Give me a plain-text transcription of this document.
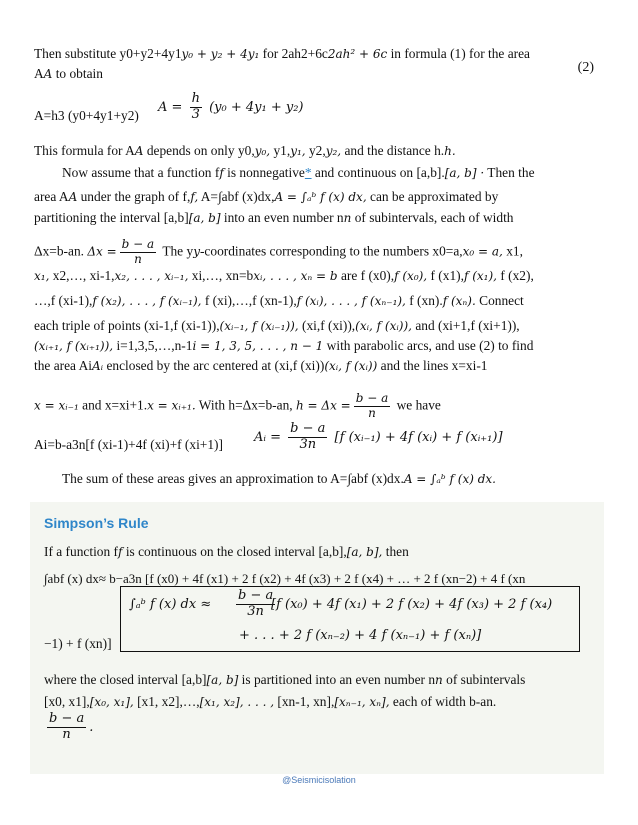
Then substitute y0+y2+4y1y₀ + y₂ + 4y₁ for 2ah2+6c2ah² + 6c in formula (1) for the area
(2)
AA to obtain
A=h3 (y0+4y1+y2)
$A = \frac{h}{3} (y_0 + 4y_1 + y_2)$
This formula for AA depends on only y0,y₀, y1,y₁, y2,y₂, and the distance h.h.
Now assume that a function ff is nonnegative* and continuous on [a,b].[a, b] · Then the
area AA under the graph of f,f, A=∫abf (x)dx,A = ∫ₐᵇ f (x) dx, can be approximated by
partitioning the interval [a,b][a, b] into an even number nn of subintervals, each of width
Δx=b-an. $\Delta x = \frac{b - a}{n}$ The yy-coordinates corresponding to the numbers x0=a,x₀ = a, x1,
x₁, x2,…, xi-1,x₂, . . . , xᵢ₋₁, xi,…, xn=bxᵢ, . . . , xₙ = b are f (x0),f (x₀), f (x1),f (x₁), f (x2),
…,f (xi-1),f (x₂), . . . , f (xᵢ₋₁), f (xi),…,f (xn-1),f (xᵢ), . . . , f (xₙ₋₁), f (xn).f (xₙ). Connect
each triple of points (xi-1,f (xi-1)),(xᵢ₋₁, f (xᵢ₋₁)), (xi,f (xi)),(xᵢ, f (xᵢ)), and (xi+1,f (xi+1)),
(xᵢ₊₁, f (xᵢ₊₁)), i=1,3,5,…,n-1i = 1, 3, 5, . . . , n − 1 with parabolic arcs, and use (2) to find
the area AiAᵢ enclosed by the arc centered at (xi,f (xi))(xᵢ, f (xᵢ)) and the lines x=xi-1
x = xᵢ₋₁ and x=xi+1.x = xᵢ₊₁. With h=Δx=b-an, $h = \Delta x = \frac{b - a}{n}$ we have
Ai=b-a3n[f (xi-1)+4f (xi)+f (xi+1)] Aᵢ = $\frac{b - a}{3n} [f$ (xᵢ₋₁) + 4f (xᵢ) + f (xᵢ₊₁)]
The sum of these areas gives an approximation to A=∫abf (x)dx.A = ∫ₐᵇ f (x) dx.
Simpson’s Rule
If a function ff is continuous on the closed interval [a,b],[a, b], then
∫abf (x) dx≈ b−a3n [f (x0) + 4f (x1) + 2 f (x2) + 4f (x3) + 2 f (x4) + … + 2 f (xn−2) + 4 f (xn
∫ₐᵇ f (x) dx ≈ $\frac{b - a}{3n}$
[f (x₀) + 4f (x₁) + 2 f (x₂) + 4f (x₃) + 2 f (x₄)
+ . . . + 2 f (xₙ₋₂) + 4 f (xₙ₋₁) + f (xₙ)]
−1) + f (xn)]
where the closed interval [a,b][a, b] is partitioned into an even number nn of subintervals
[x0, x1],[x₀, x₁], [x1, x2],…,[x₁, x₂], . . . , [xn-1, xn],[xₙ₋₁, xₙ], each of width b-an.
$\frac{b - a}{n}$ .
@Seismicisolation
